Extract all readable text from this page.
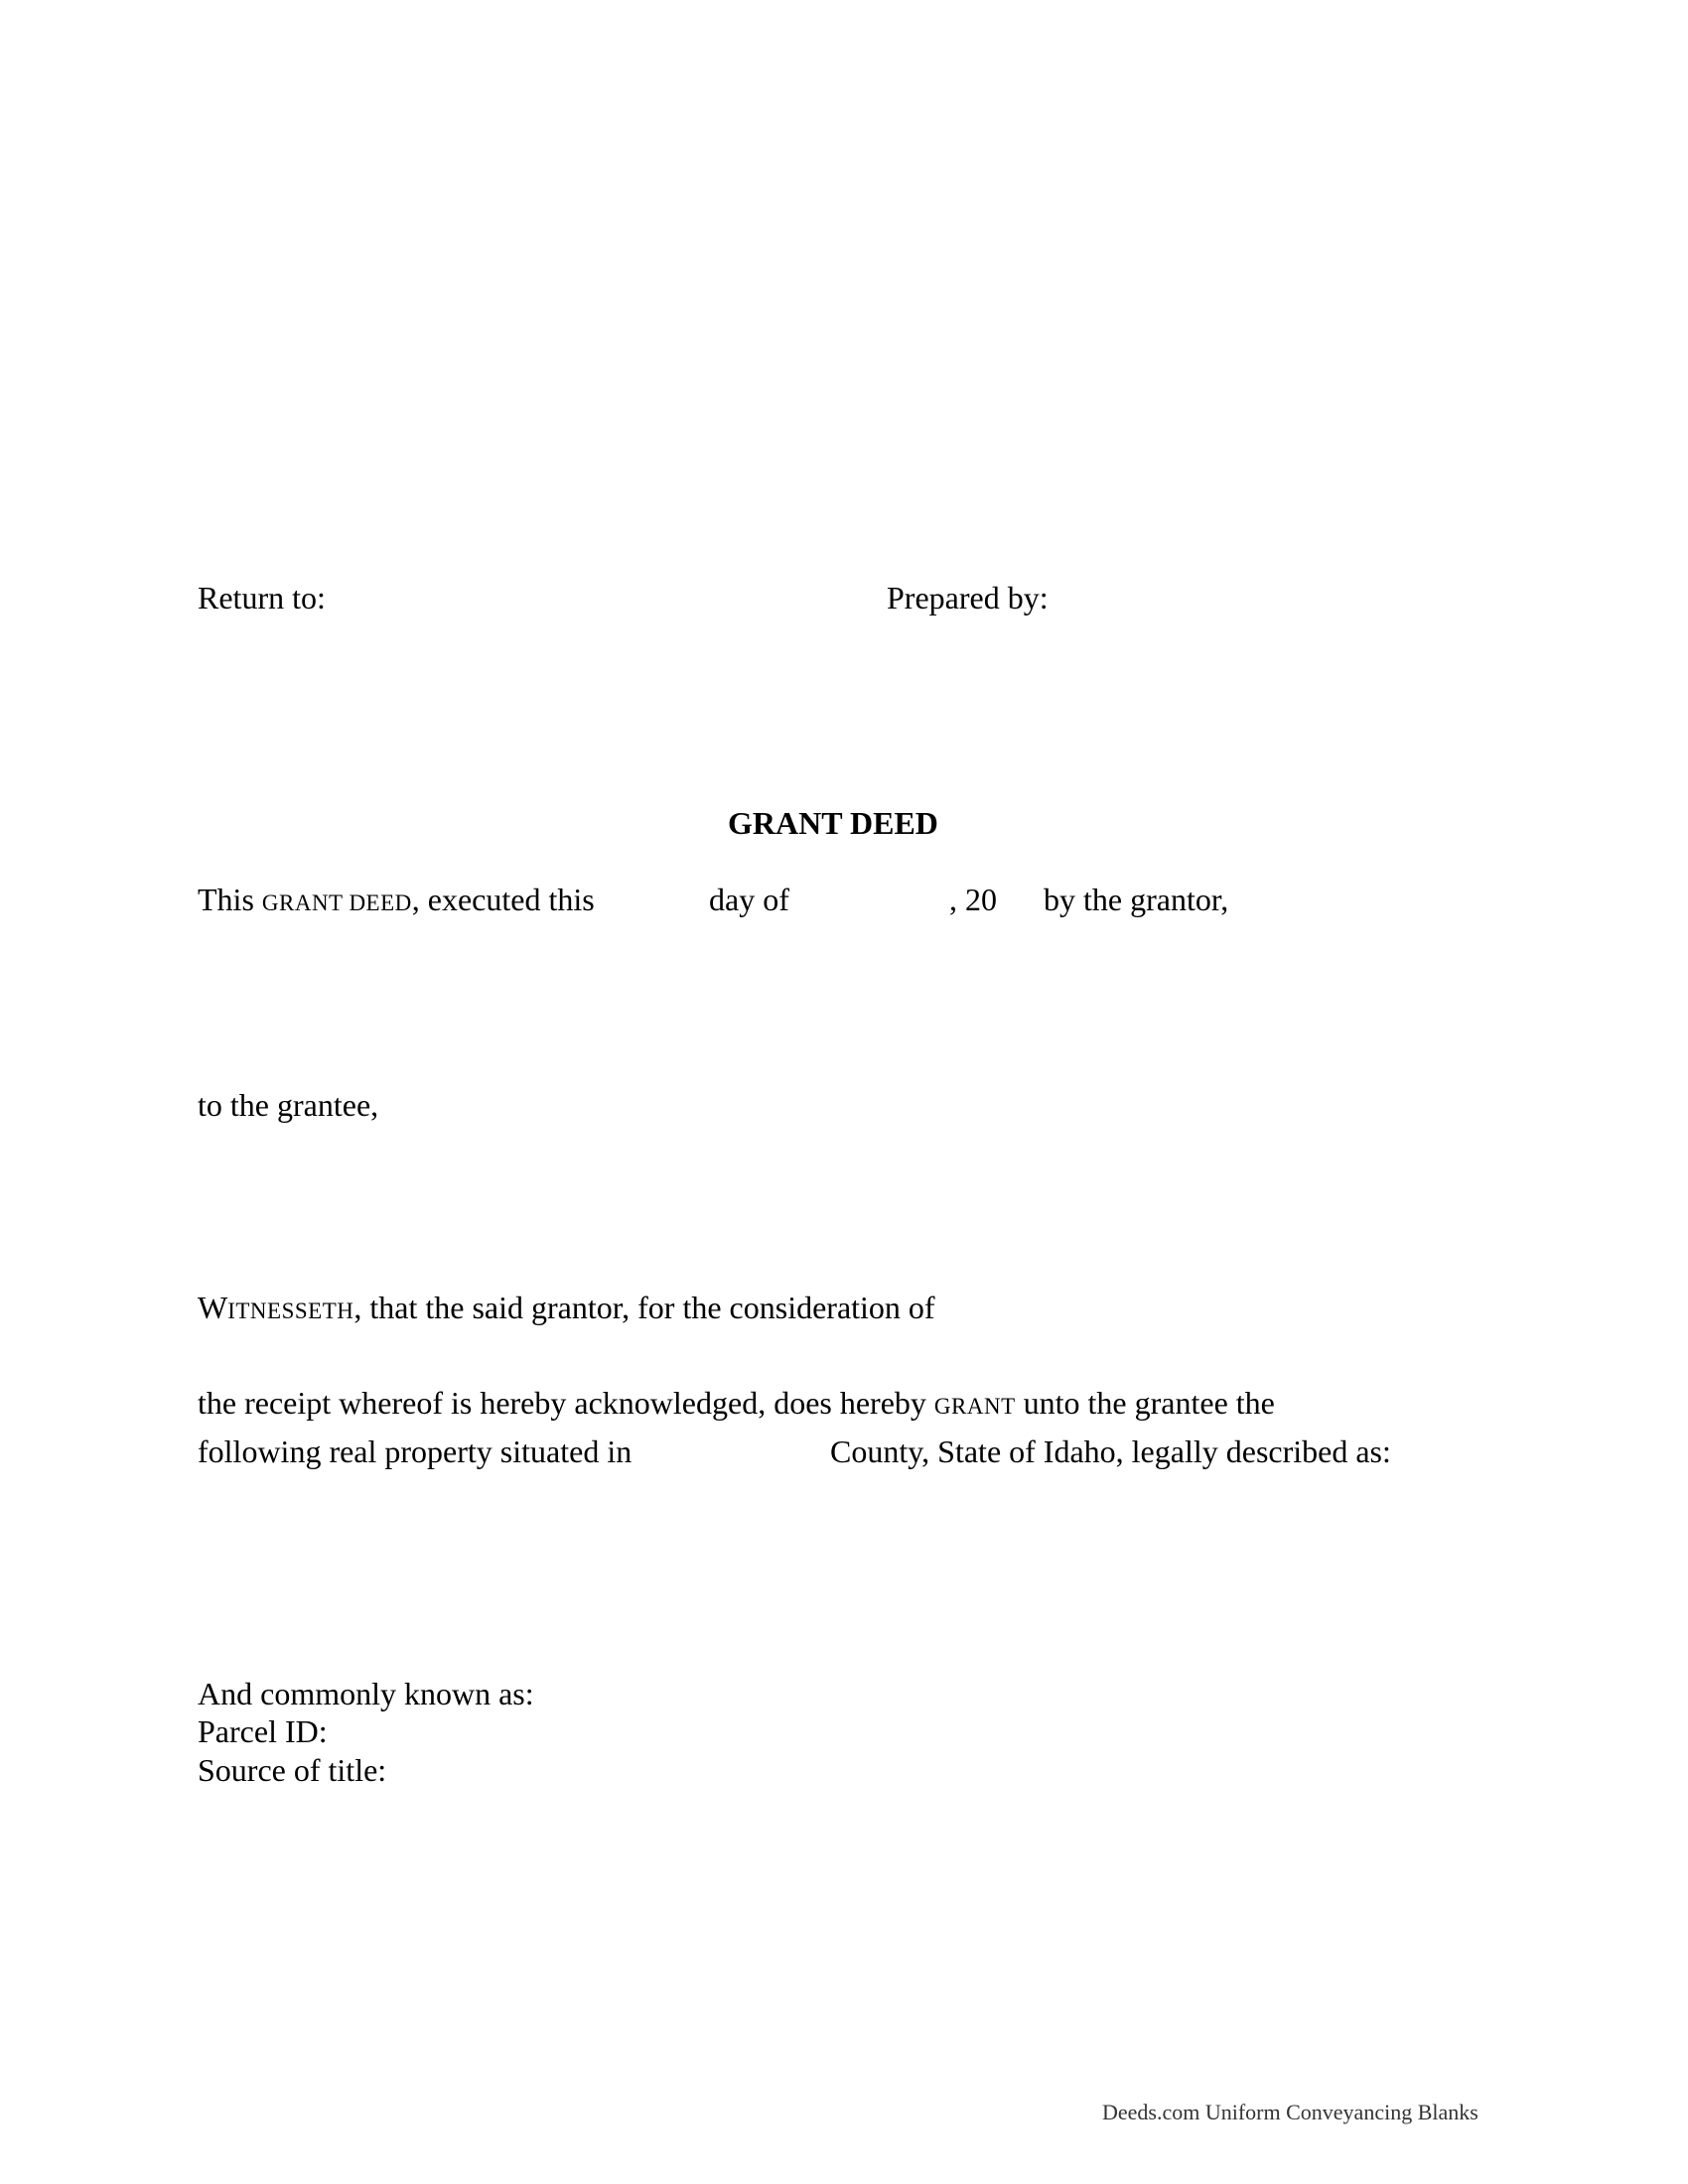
Return to:	Prepared by:
GRANT DEED
This GRANT DEED, executed this	day of	, 20 by the grantor,
to the grantee,
WITNESSETH, that the said grantor, for the consideration of
the receipt whereof is hereby acknowledged, does hereby GRANT unto the grantee the
following real property situated in	County, State of Idaho, legally described as:
And commonly known as:
Parcel ID:
Source of title:
Deeds.com Uniform Conveyancing Blanks
